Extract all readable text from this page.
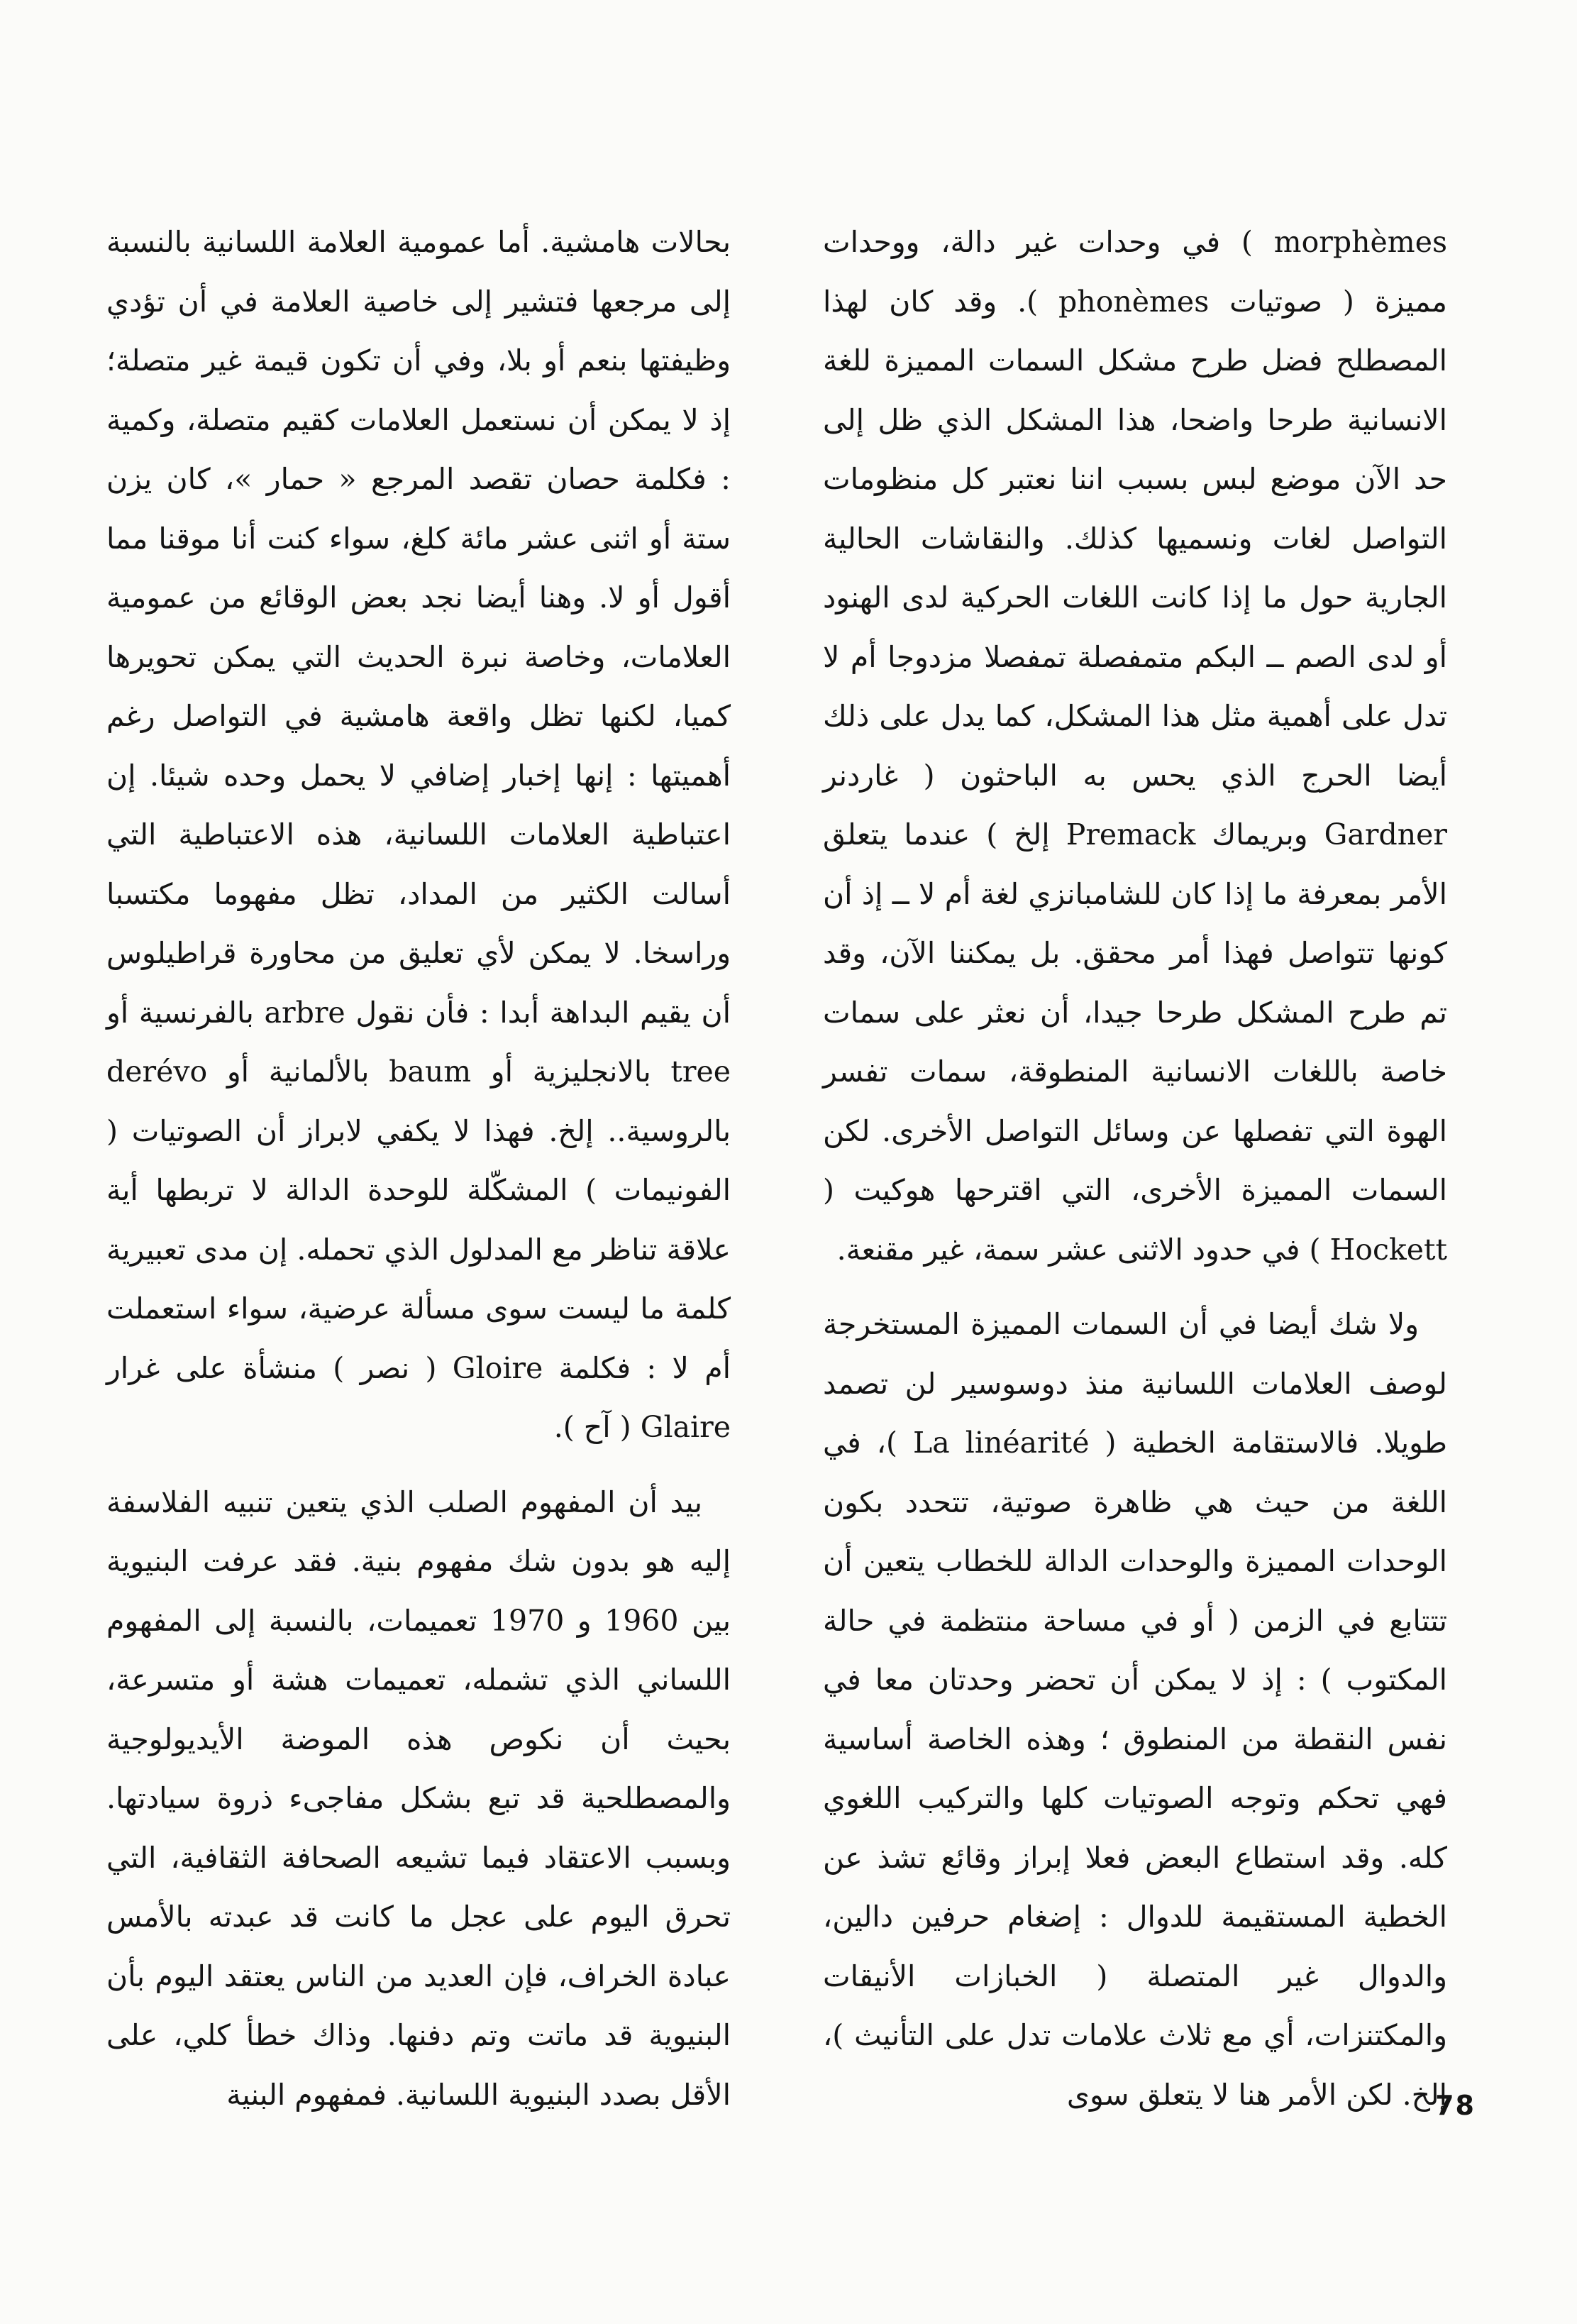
morphèmes ) في وحدات غير دالة، ووحدات مميزة ( صوتيات phonèmes ). وقد كان لهذا المصطلح فضل طرح مشكل السمات المميزة للغة الانسانية طرحا واضحا، هذا المشكل الذي ظل إلى حد الآن موضع لبس بسبب اننا نعتبر كل منظومات التواصل لغات ونسميها كذلك. والنقاشات الحالية الجارية حول ما إذا كانت اللغات الحركية لدى الهنود أو لدى الصم ــ البكم متمفصلة تمفصلا مزدوجا أم لا تدل على أهمية مثل هذا المشكل، كما يدل على ذلك أيضا الحرج الذي يحس به الباحثون ( غاردنر Gardner وبريماك Premack إلخ ) عندما يتعلق الأمر بمعرفة ما إذا كان للشامبانزي لغة أم لا ــ إذ أن كونها تتواصل فهذا أمر محقق. بل يمكننا الآن، وقد تم طرح المشكل طرحا جيدا، أن نعثر على سمات خاصة باللغات الانسانية المنطوقة، سمات تفسر الهوة التي تفصلها عن وسائل التواصل الأخرى. لكن السمات المميزة الأخرى، التي اقترحها هوكيت ( Hockett ) في حدود الاثنى عشر سمة، غير مقنعة.

ولا شك أيضا في أن السمات المميزة المستخرجة لوصف العلامات اللسانية منذ دوسوسير لن تصمد طويلا. فالاستقامة الخطية ( La linéarité )، في اللغة من حيث هي ظاهرة صوتية، تتحدد بكون الوحدات المميزة والوحدات الدالة للخطاب يتعين أن تتتابع في الزمن ( أو في مساحة منتظمة في حالة المكتوب ) : إذ لا يمكن أن تحضر وحدتان معا في نفس النقطة من المنطوق ؛ وهذه الخاصة أساسية فهي تحكم وتوجه الصوتيات كلها والتركيب اللغوي كله. وقد استطاع البعض فعلا إبراز وقائع تشذ عن الخطية المستقيمة للدوال : إضغام حرفين دالين، والدوال غير المتصلة ( الخبازات الأنيقات والمكتنزات، أي مع ثلاث علامات تدل على التأنيث )، إلخ. لكن الأمر هنا لا يتعلق سوى

بحالات هامشية. أما عمومية العلامة اللسانية بالنسبة إلى مرجعها فتشير إلى خاصية العلامة في أن تؤدي وظيفتها بنعم أو بلا، وفي أن تكون قيمة غير متصلة؛ إذ لا يمكن أن نستعمل العلامات كقيم متصلة، وكمية : فكلمة حصان تقصد المرجع « حمار »، كان يزن ستة أو اثنى عشر مائة كلغ، سواء كنت أنا موقنا مما أقول أو لا. وهنا أيضا نجد بعض الوقائع من عمومية العلامات، وخاصة نبرة الحديث التي يمكن تحويرها كميا، لكنها تظل واقعة هامشية في التواصل رغم أهميتها : إنها إخبار إضافي لا يحمل وحده شيئا. إن اعتباطية العلامات اللسانية، هذه الاعتباطية التي أسالت الكثير من المداد، تظل مفهوما مكتسبا وراسخا. لا يمكن لأي تعليق من محاورة قراطيلوس أن يقيم البداهة أبدا : فأن نقول arbre بالفرنسية أو tree بالانجليزية أو baum بالألمانية أو derévo بالروسية.. إلخ. فهذا لا يكفي لابراز أن الصوتيات ( الفونيمات ) المشكّلة للوحدة الدالة لا تربطها أية علاقة تناظر مع المدلول الذي تحمله. إن مدى تعبيرية كلمة ما ليست سوى مسألة عرضية، سواء استعملت أم لا : فكلمة Gloire ( نصر ) منشأة على غرار Glaire ( آح ).

بيد أن المفهوم الصلب الذي يتعين تنبيه الفلاسفة إليه هو بدون شك مفهوم بنية. فقد عرفت البنيوية بين 1960 و 1970 تعميمات، بالنسبة إلى المفهوم اللساني الذي تشمله، تعميمات هشة أو متسرعة، بحيث أن نكوص هذه الموضة الأيديولوجية والمصطلحية قد تبع بشكل مفاجىء ذروة سيادتها. وبسبب الاعتقاد فيما تشيعه الصحافة الثقافية، التي تحرق اليوم على عجل ما كانت قد عبدته بالأمس عبادة الخراف، فإن العديد من الناس يعتقد اليوم بأن البنيوية قد ماتت وتم دفنها. وذاك خطأ كلي، على الأقل بصدد البنيوية اللسانية. فمفهوم البنية	78
